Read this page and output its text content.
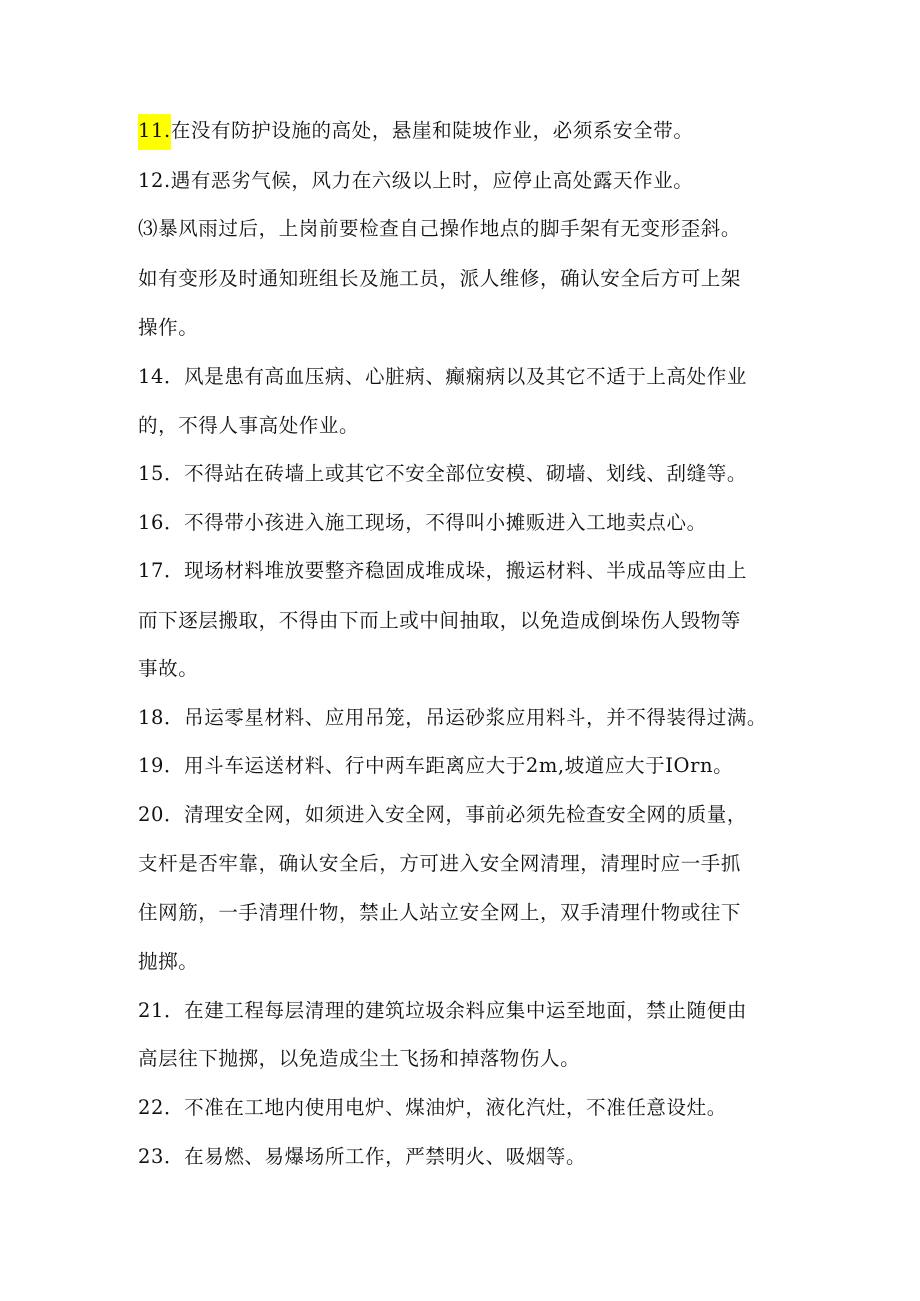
11.在没有防护设施的高处，悬崖和陡坡作业，必须系安全带。
12.遇有恶劣气候，风力在六级以上时，应停止高处露天作业。
⑶暴风雨过后，上岗前要检查自己操作地点的脚手架有无变形歪斜。
如有变形及时通知班组长及施工员，派人维修，确认安全后方可上架
操作。
14．风是患有高血压病、心脏病、癫痫病以及其它不适于上高处作业
的，不得人事高处作业。
15．不得站在砖墙上或其它不安全部位安模、砌墙、划线、刮缝等。
16．不得带小孩进入施工现场，不得叫小摊贩进入工地卖点心。
17．现场材料堆放要整齐稳固成堆成垛，搬运材料、半成品等应由上
而下逐层搬取，不得由下而上或中间抽取，以免造成倒垛伤人毁物等
事故。
18．吊运零星材料、应用吊笼，吊运砂浆应用料斗，并不得装得过满。
19．用斗车运送材料、行中两车距离应大于2m,坡道应大于IOrn。
20．清理安全网，如须进入安全网，事前必须先检查安全网的质量，
支杆是否牢靠，确认安全后，方可进入安全网清理，清理时应一手抓
住网筋，一手清理什物，禁止人站立安全网上，双手清理什物或往下
抛掷。
21．在建工程每层清理的建筑垃圾余料应集中运至地面，禁止随便由
高层往下抛掷，以免造成尘土飞扬和掉落物伤人。
22．不准在工地内使用电炉、煤油炉，液化汽灶，不准任意设灶。
23．在易燃、易爆场所工作，严禁明火、吸烟等。
